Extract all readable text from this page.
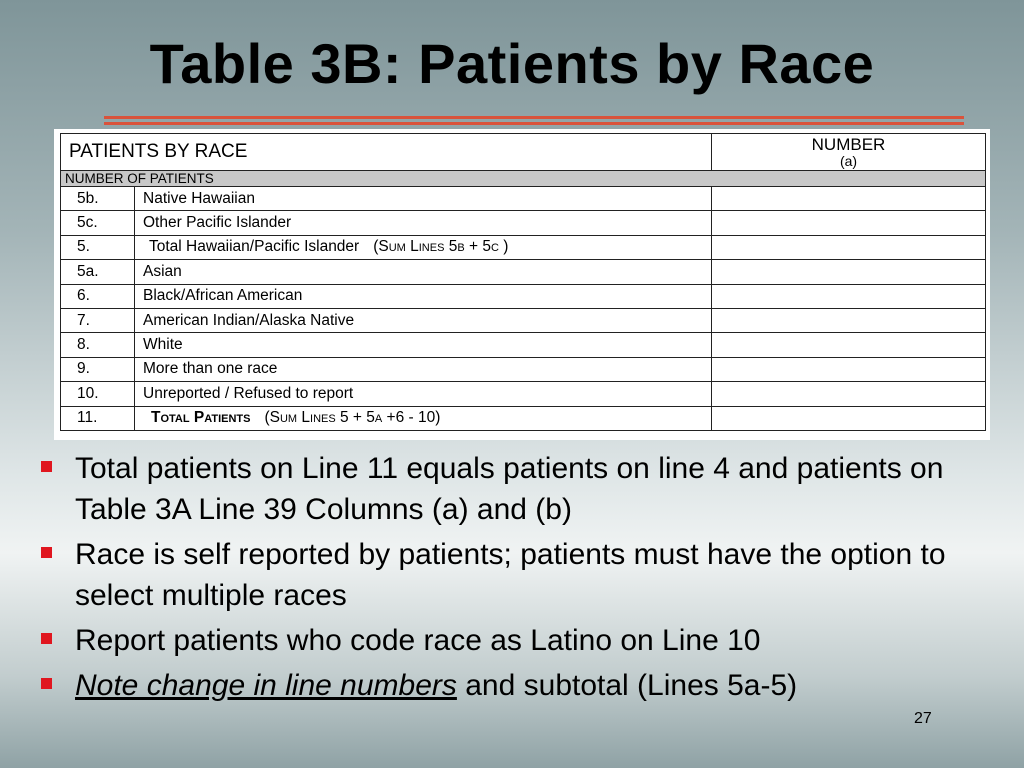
Table 3B: Patients by Race
PATIENTS BY RACE		NUMBER
(a)

NUMBER OF PATIENTS		
5b.	Native Hawaiian	
5c.	Other Pacific Islander	
5.	Total Hawaiian/Pacific Islander (Sum Lines 5b + 5c )	
5a.	Asian	
6.	Black/African American	
7.	American Indian/Alaska Native	
8.	White	
9.	More than one race	
10.	Unreported / Refused to report	
11.	Total Patients (Sum Lines 5 + 5a +6 - 10)	
Total patients on Line 11 equals patients on line 4 and patients on Table 3A Line 39 Columns (a) and (b)
Race is self reported by patients; patients must have the option to select multiple races
Report patients who code race as Latino on Line 10
Note change in line numbers and subtotal (Lines 5a-5)
27
